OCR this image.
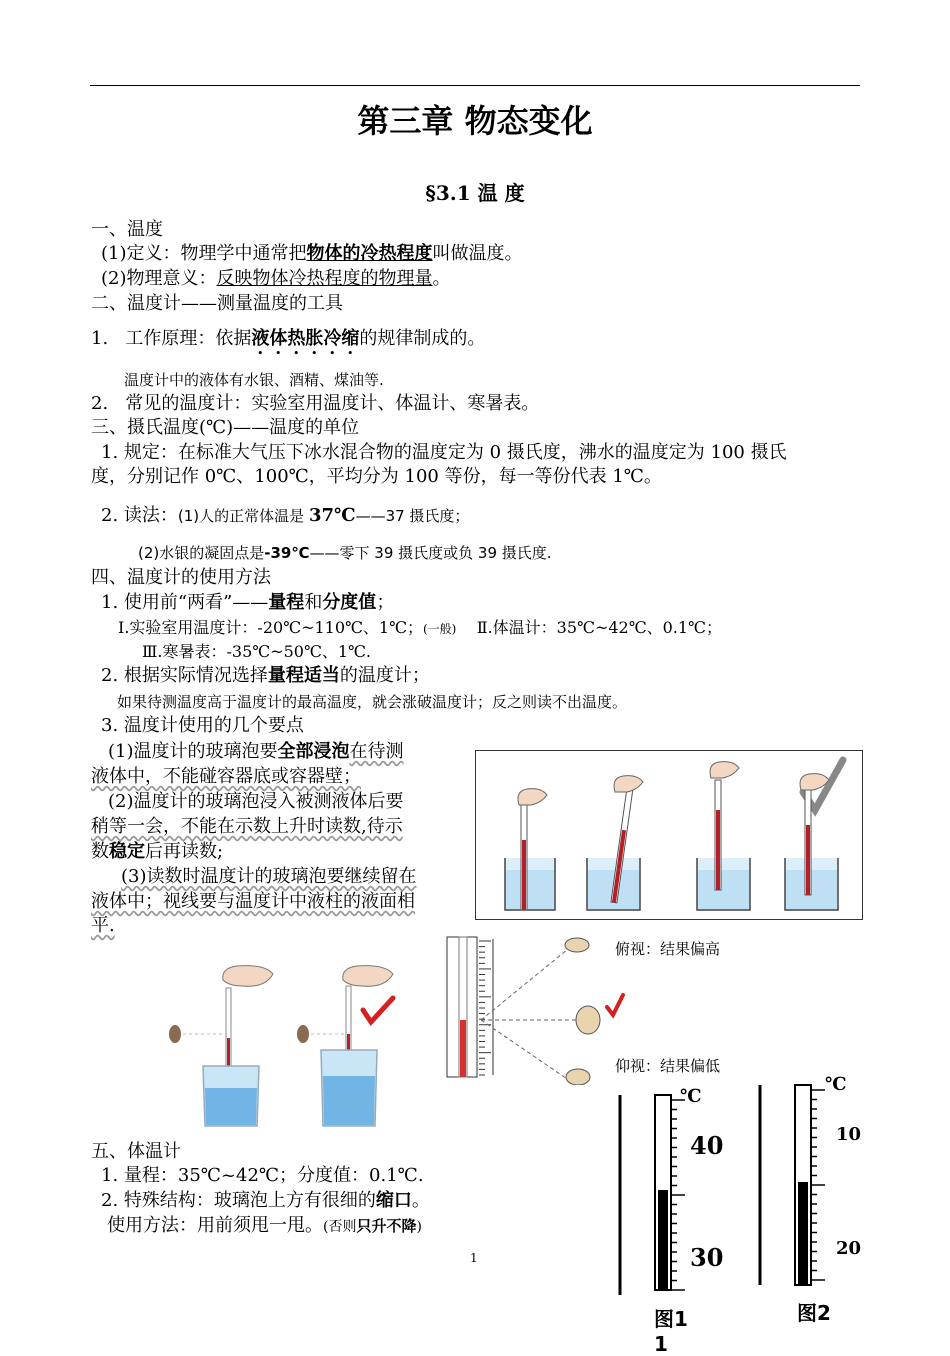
第三章 物态变化
§3.1 温 度
一、温度
(1)定义：物理学中通常把物体的冷热程度叫做温度。
(2)物理意义：反映物体冷热程度的物理量。
二、温度计——测量温度的工具
1. 工作原理：依据液体热胀冷缩的规律制成的。
温度计中的液体有水银、酒精、煤油等.
2. 常见的温度计：实验室用温度计、体温计、寒暑表。
三、摄氏温度(℃)——温度的单位
1. 规定：在标准大气压下冰水混合物的温度定为 0 摄氏度，沸水的温度定为 100 摄氏
度，分别记作 0℃、100℃，平均分为 100 等份，每一等份代表 1℃。
2. 读法：(1)人的正常体温是 37℃——37 摄氏度；
(2)水银的凝固点是-39℃——零下 39 摄氏度或负 39 摄氏度.
四、温度计的使用方法
1. 使用前“两看”——量程和分度值；
Ⅰ.实验室用温度计：-20℃~110℃、1℃；(一般) Ⅱ.体温计：35℃~42℃、0.1℃；
Ⅲ.寒暑表：-35℃~50℃、1℃.
2. 根据实际情况选择量程适当的温度计；
如果待测温度高于温度计的最高温度，就会涨破温度计；反之则读不出温度。
3. 温度计使用的几个要点
(1)温度计的玻璃泡要全部浸泡在待测
液体中，不能碰容器底或容器壁；
(2)温度计的玻璃泡浸入被测液体后要
稍等一会，不能在示数上升时读数,待示
数稳定后再读数;
(3)读数时温度计的玻璃泡要继续留在
液体中；视线要与温度计中液柱的液面相
平.
五、体温计
1. 量程：35℃~42℃；分度值：0.1℃.
2. 特殊结构：玻璃泡上方有很细的缩口。
使用方法：用前须甩一甩。(否则只升不降)
1
俯视：结果偏高
仰视：结果偏低
℃
40
30
图1
1
℃
10
20
图2
